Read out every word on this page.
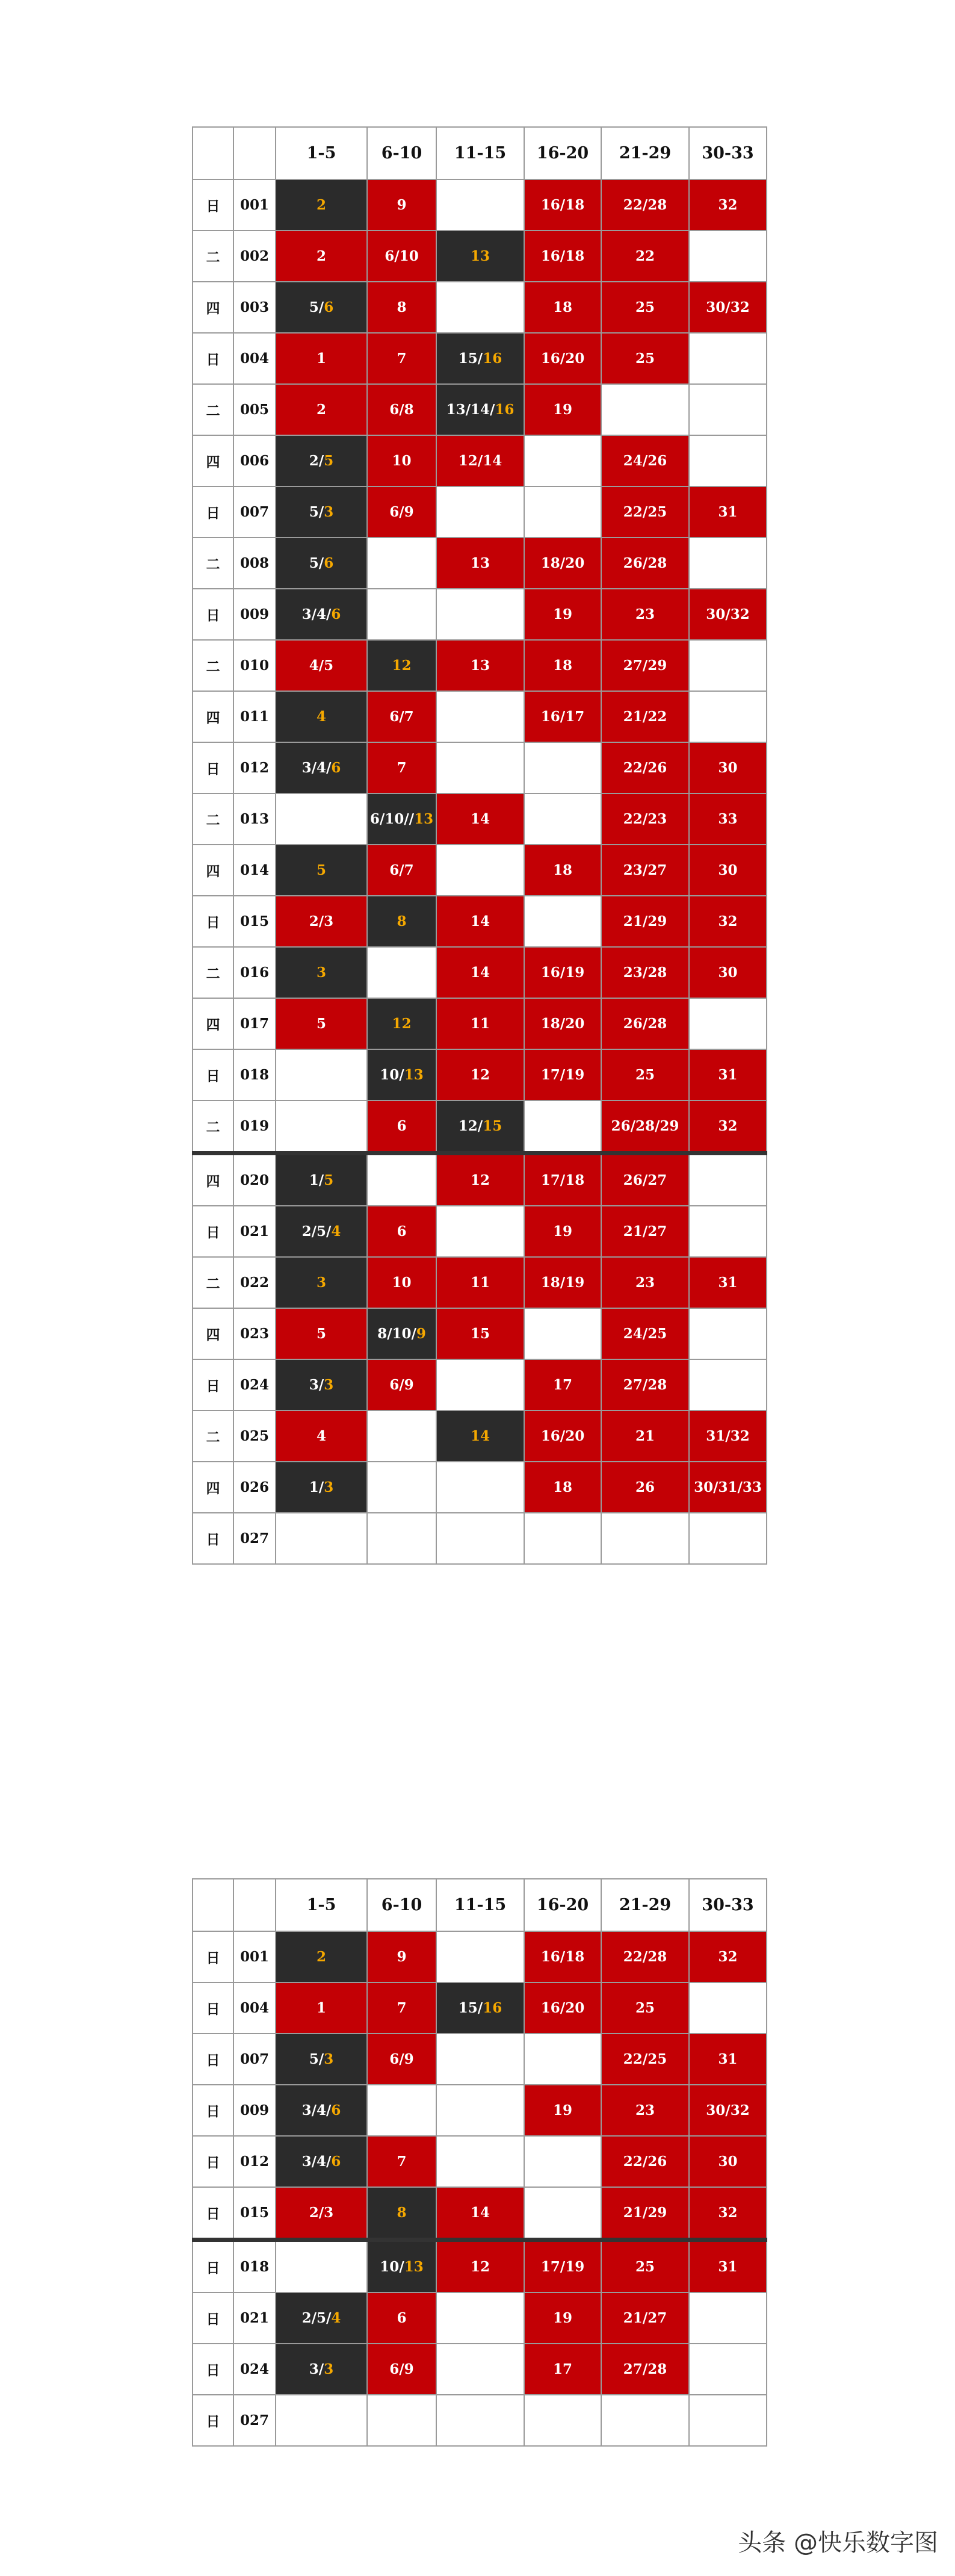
		1-5	6-10	11-15	16-20	21-29	30-33
日	001	2	9		16/18	22/28	32
二	002	2	6/10	13	16/18	22	
四	003	5/6	8		18	25	30/32
日	004	1	7	15/16	16/20	25	
二	005	2	6/8	13/14/16	19		
四	006	2/5	10	12/14		24/26	
日	007	5/3	6/9			22/25	31
二	008	5/6		13	18/20	26/28	
日	009	3/4/6			19	23	30/32
二	010	4/5	12	13	18	27/29	
四	011	4	6/7		16/17	21/22	
日	012	3/4/6	7			22/26	30
二	013		6/10//13	14		22/23	33
四	014	5	6/7		18	23/27	30
日	015	2/3	8	14		21/29	32
二	016	3		14	16/19	23/28	30
四	017	5	12	11	18/20	26/28	
日	018		10/13	12	17/19	25	31
二	019		6	12/15		26/28/29	32
四	020	1/5		12	17/18	26/27	
日	021	2/5/4	6		19	21/27	
二	022	3	10	11	18/19	23	31
四	023	5	8/10/9	15		24/25	
日	024	3/3	6/9		17	27/28	
二	025	4		14	16/20	21	31/32
四	026	1/3			18	26	30/31/33
日	027						
		1-5	6-10	11-15	16-20	21-29	30-33
日	001	2	9		16/18	22/28	32
日	004	1	7	15/16	16/20	25	
日	007	5/3	6/9			22/25	31
日	009	3/4/6			19	23	30/32
日	012	3/4/6	7			22/26	30
日	015	2/3	8	14		21/29	32
日	018		10/13	12	17/19	25	31
日	021	2/5/4	6		19	21/27	
日	024	3/3	6/9		17	27/28	
日	027						
头条 @快乐数字图
